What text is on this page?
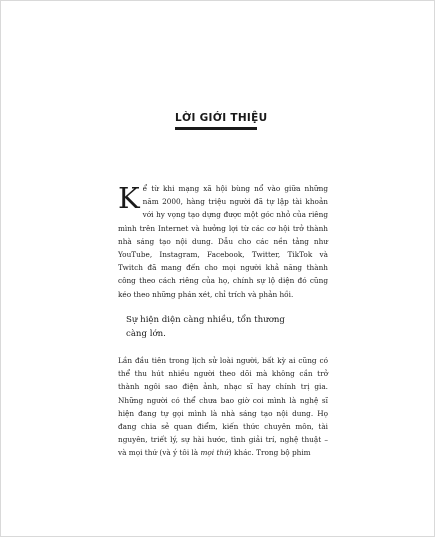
LỜI GIỚI THIỆU
Kể từ khi mạng xã hội bùng nổ vào giữa những năm 2000, hàng triệu người đã tự lập tài khoản với hy vọng tạo dựng được một góc nhỏ của riêng mình trên Internet và hưởng lợi từ các cơ hội trở thành nhà sáng tạo nội dung. Dẫu cho các nền tảng như YouTube, Instagram, Facebook, Twitter, TikTok và Twitch đã mang đến cho mọi người khả năng thành công theo cách riêng của họ, chính sự lộ diện đó cũng kéo theo những phán xét, chỉ trích và phản hồi.
Sự hiện diện càng nhiều, tổn thương càng lớn.
Lần đầu tiên trong lịch sử loài người, bất kỳ ai cũng có thể thu hút nhiều người theo dõi mà không cần trở thành ngôi sao điện ảnh, nhạc sĩ hay chính trị gia. Những người có thể chưa bao giờ coi mình là nghệ sĩ hiện đang tự gọi mình là nhà sáng tạo nội dung. Họ đang chia sẻ quan điểm, kiến thức chuyên môn, tài nguyên, triết lý, sự hài hước, tình giải trí, nghệ thuật – và mọi thứ (và ý tôi là mọi thứ) khác. Trong bộ phim
